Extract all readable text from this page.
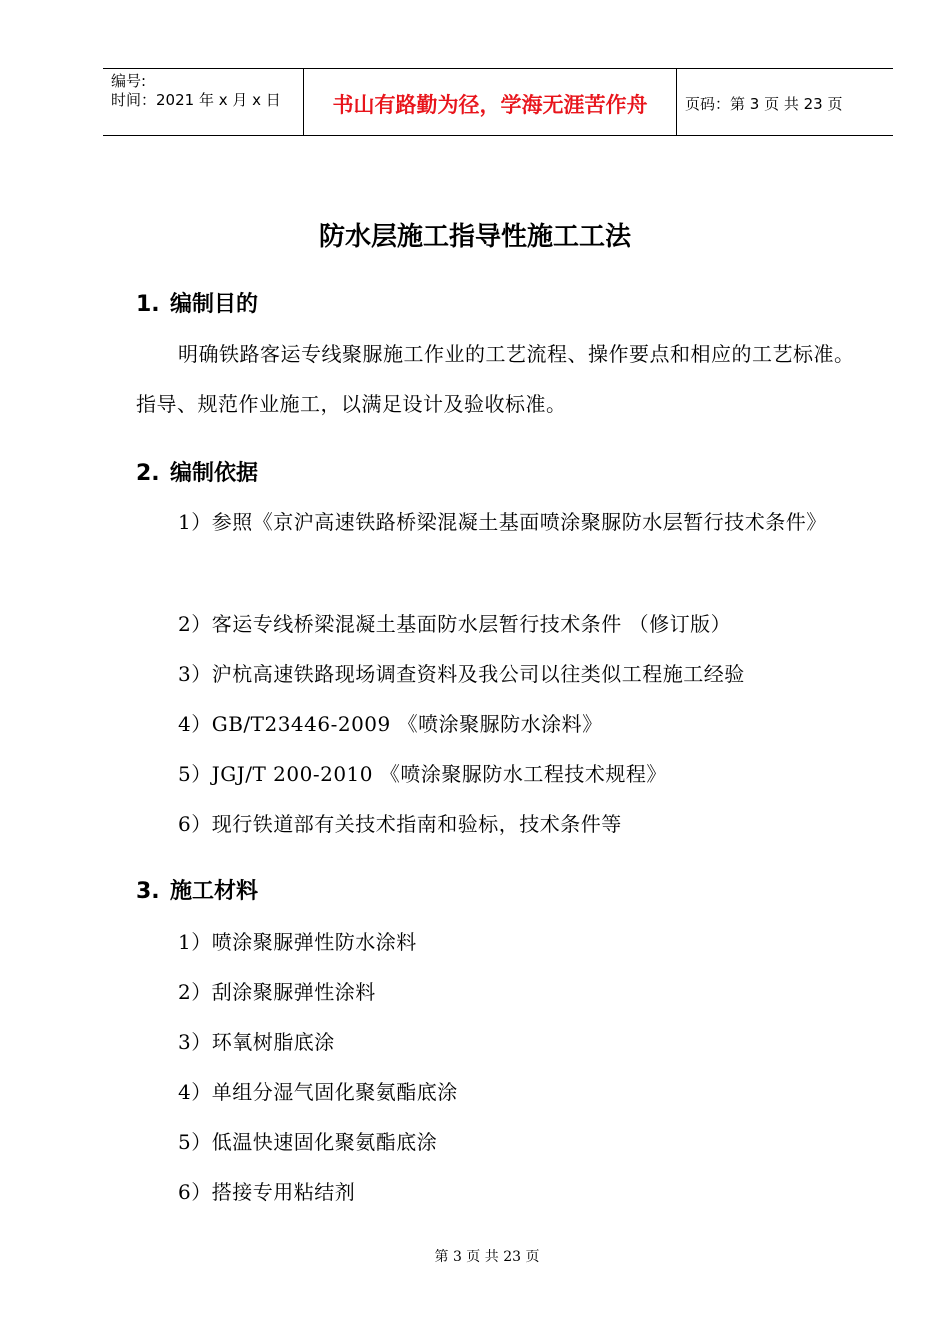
编号:
时间：2021 年 x 月 x 日	书山有路勤为径，学海无涯苦作舟	页码：第 3 页 共 23 页
防水层施工指导性施工工法
1. 编制目的
明确铁路客运专线聚脲施工作业的工艺流程、操作要点和相应的工艺标准。指导、规范作业施工，以满足设计及验收标准。
2. 编制依据
1）参照《京沪高速铁路桥梁混凝土基面喷涂聚脲防水层暂行技术条件》
2）客运专线桥梁混凝土基面防水层暂行技术条件 （修订版）
3）沪杭高速铁路现场调查资料及我公司以往类似工程施工经验
4）GB/T23446-2009 《喷涂聚脲防水涂料》
5）JGJ/T 200-2010 《喷涂聚脲防水工程技术规程》
6）现行铁道部有关技术指南和验标，技术条件等
3. 施工材料
1）喷涂聚脲弹性防水涂料
2）刮涂聚脲弹性涂料
3）环氧树脂底涂
4）单组分湿气固化聚氨酯底涂
5）低温快速固化聚氨酯底涂
6）搭接专用粘结剂
第 3 页 共 23 页
